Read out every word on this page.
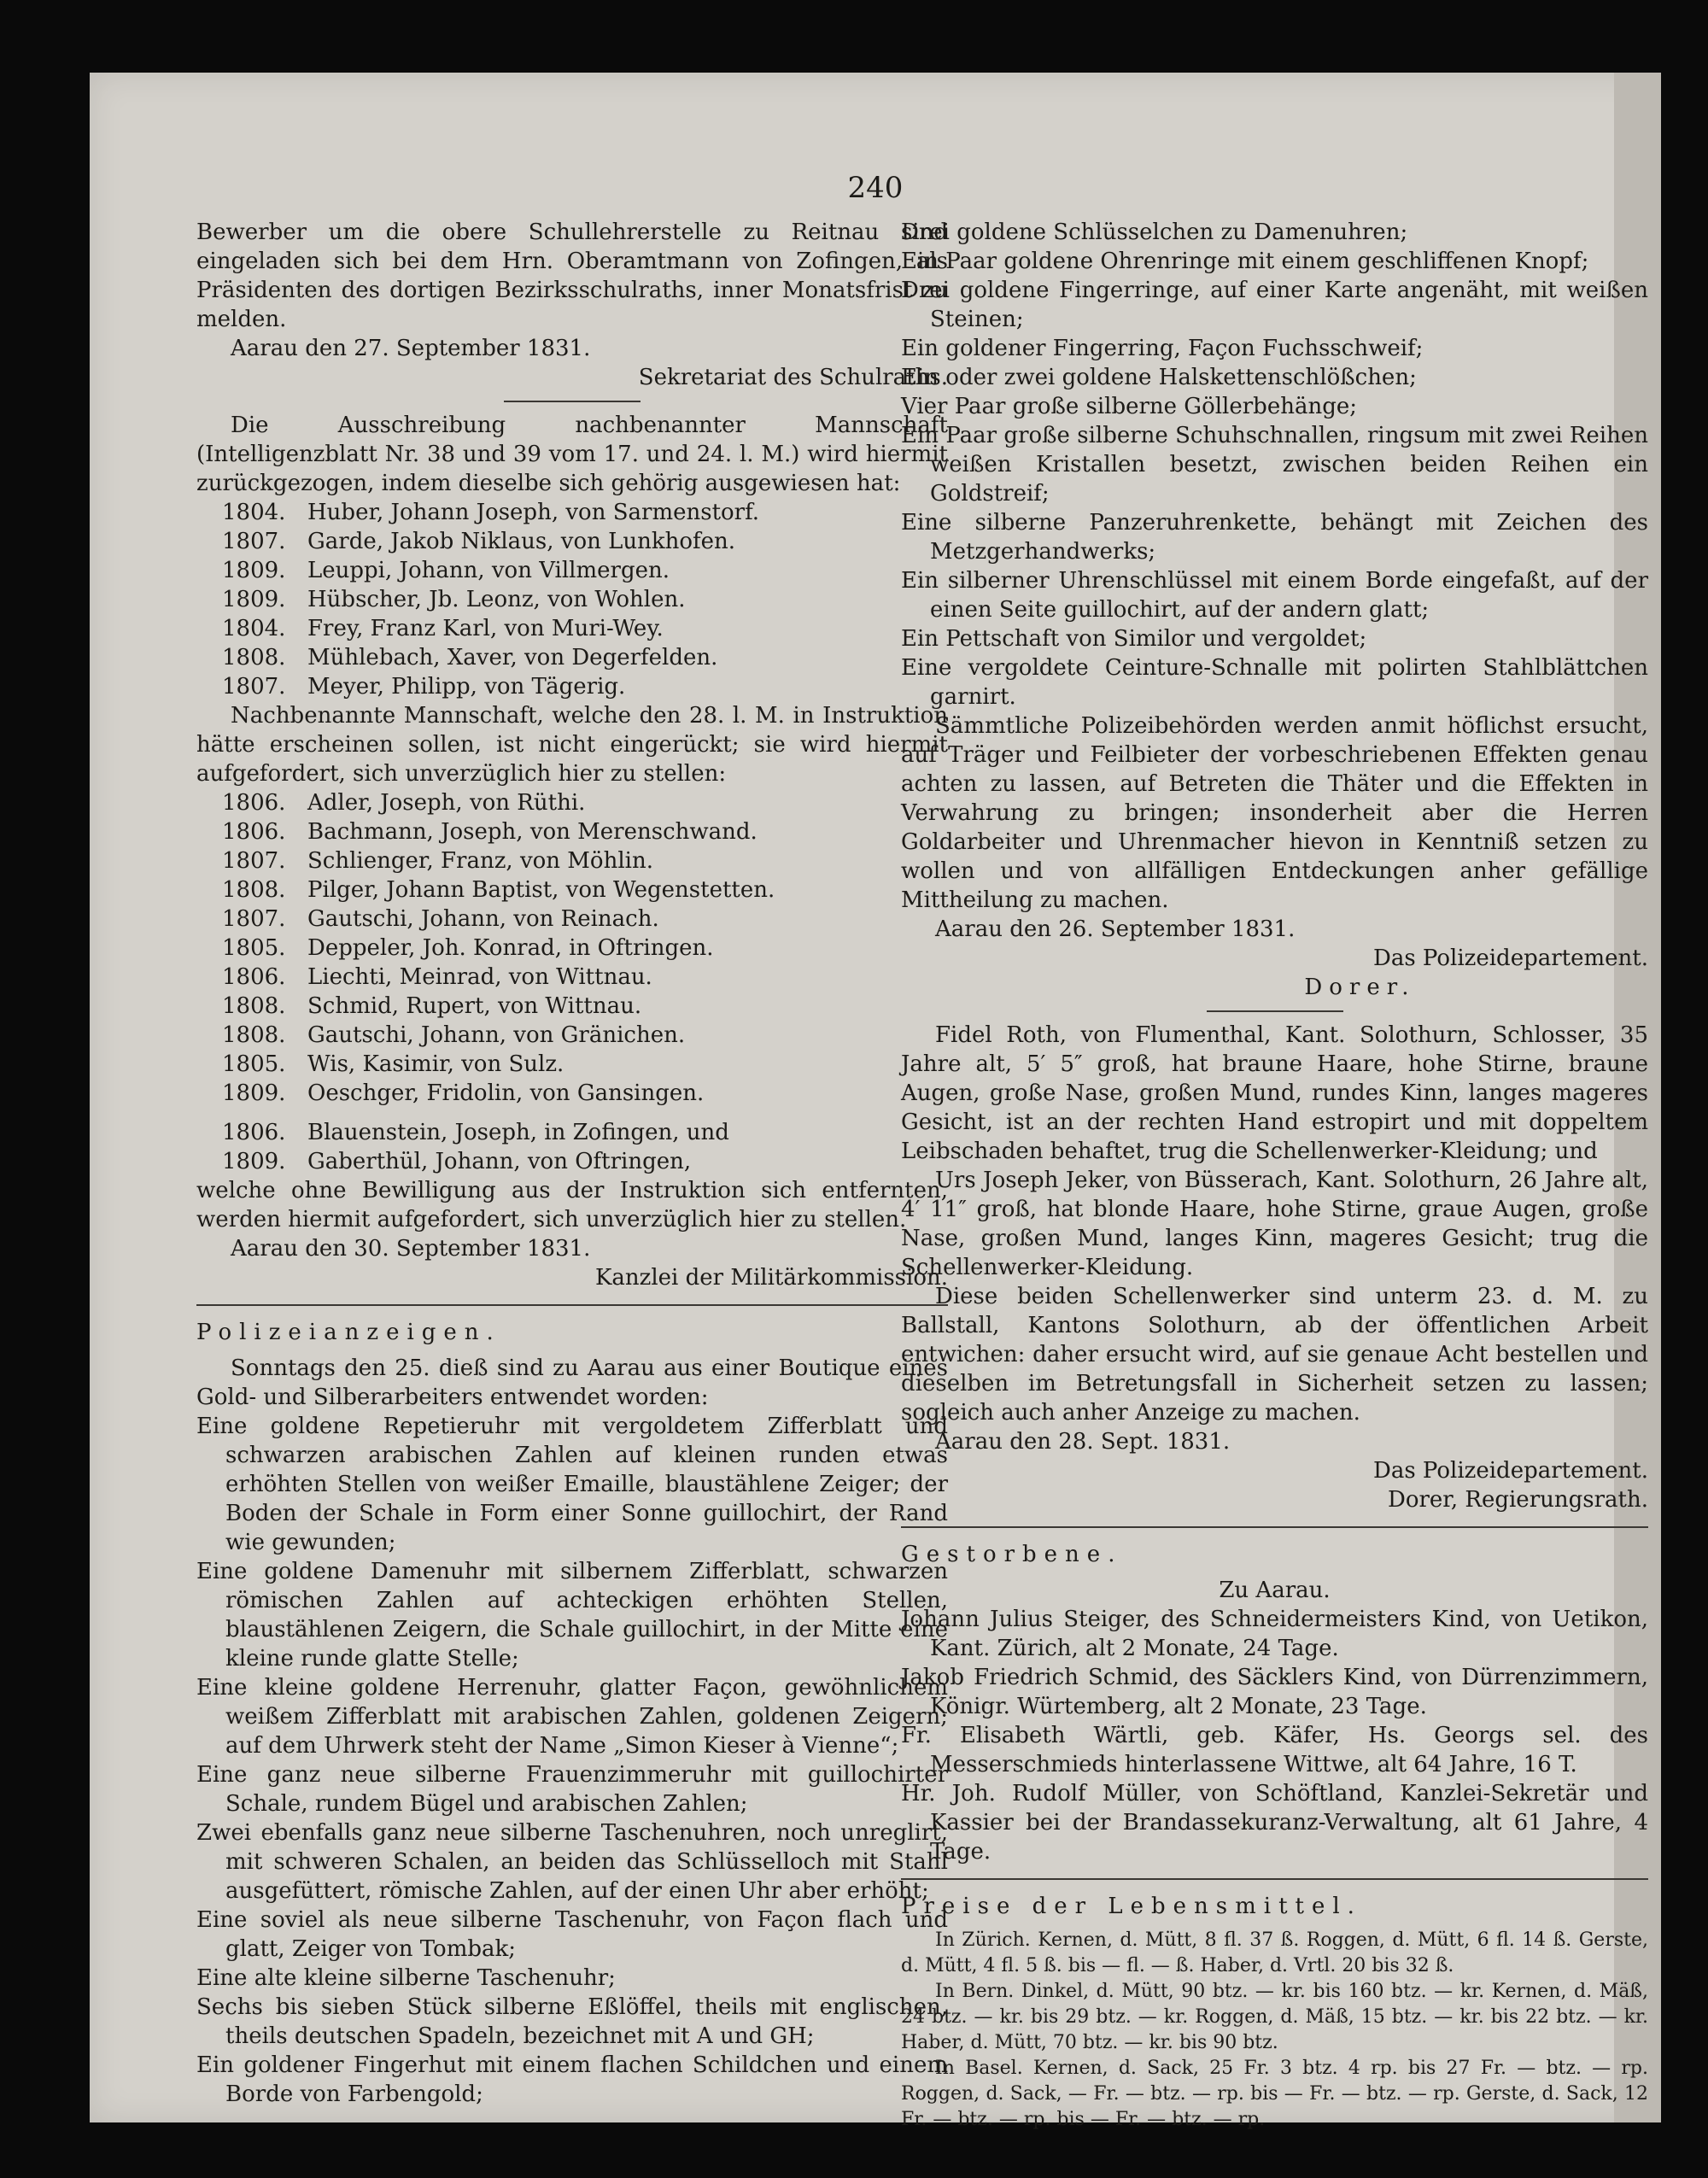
240

Bewerber um die obere Schullehrerstelle zu Reitnau sind eingeladen sich bei dem Hrn. Oberamtmann von Zofingen, als Präsidenten des dortigen Bezirksschulraths, inner Monatsfrist zu melden.

Aarau den 27. September 1831.

Sekretariat des Schulraths.

Die Ausschreibung nachbenannter Mannschaft (Intelligenzblatt Nr. 38 und 39 vom 17. und 24. l. M.) wird hiermit zurückgezogen, indem dieselbe sich gehörig ausgewiesen hat:

1804. Huber, Johann Joseph, von Sarmenstorf.
1807. Garde, Jakob Niklaus, von Lunkhofen.
1809. Leuppi, Johann, von Villmergen.
1809. Hübscher, Jb. Leonz, von Wohlen.
1804. Frey, Franz Karl, von Muri-Wey.
1808. Mühlebach, Xaver, von Degerfelden.
1807. Meyer, Philipp, von Tägerig.

Nachbenannte Mannschaft, welche den 28. l. M. in Instruktion hätte erscheinen sollen, ist nicht eingerückt; sie wird hiermit aufgefordert, sich unverzüglich hier zu stellen:

1806. Adler, Joseph, von Rüthi.
1806. Bachmann, Joseph, von Merenschwand.
1807. Schlienger, Franz, von Möhlin.
1808. Pilger, Johann Baptist, von Wegenstetten.
1807. Gautschi, Johann, von Reinach.
1805. Deppeler, Joh. Konrad, in Oftringen.
1806. Liechti, Meinrad, von Wittnau.
1808. Schmid, Rupert, von Wittnau.
1808. Gautschi, Johann, von Gränichen.
1805. Wis, Kasimir, von Sulz.
1809. Oeschger, Fridolin, von Gansingen.
1806. Blauenstein, Joseph, in Zofingen, und
1809. Gaberthül, Johann, von Oftringen,

welche ohne Bewilligung aus der Instruktion sich entfernten, werden hiermit aufgefordert, sich unverzüglich hier zu stellen.

Aarau den 30. September 1831.

Kanzlei der Militärkommission.

Polizeianzeigen.

Sonntags den 25. dieß sind zu Aarau aus einer Boutique eines Gold- und Silberarbeiters entwendet worden:

Eine goldene Repetieruhr mit vergoldetem Zifferblatt und schwarzen arabischen Zahlen auf kleinen runden etwas erhöhten Stellen von weißer Emaille, blaustählene Zeiger; der Boden der Schale in Form einer Sonne guillochirt, der Rand wie gewunden;

Eine goldene Damenuhr mit silbernem Zifferblatt, schwarzen römischen Zahlen auf achteckigen erhöhten Stellen, blaustählenen Zeigern, die Schale guillochirt, in der Mitte eine kleine runde glatte Stelle;

Eine kleine goldene Herrenuhr, glatter Façon, gewöhnlichem weißem Zifferblatt mit arabischen Zahlen, goldenen Zeigern; auf dem Uhrwerk steht der Name „Simon Kieser à Vienne“;

Eine ganz neue silberne Frauenzimmeruhr mit guillochirter Schale, rundem Bügel und arabischen Zahlen;

Zwei ebenfalls ganz neue silberne Taschenuhren, noch unreglirt, mit schweren Schalen, an beiden das Schlüsselloch mit Stahl ausgefüttert, römische Zahlen, auf der einen Uhr aber erhöht;

Eine soviel als neue silberne Taschenuhr, von Façon flach und glatt, Zeiger von Tombak;

Eine alte kleine silberne Taschenuhr;

Sechs bis sieben Stück silberne Eßlöffel, theils mit englischen, theils deutschen Spadeln, bezeichnet mit A und GH;

Ein goldener Fingerhut mit einem flachen Schildchen und einem Borde von Farbengold;

Drei goldene Schlüsselchen zu Damenuhren;

Ein Paar goldene Ohrenringe mit einem geschliffenen Knopf;

Drei goldene Fingerringe, auf einer Karte angenäht, mit weißen Steinen;

Ein goldener Fingerring, Façon Fuchsschweif;

Ein oder zwei goldene Halskettenschlößchen;

Vier Paar große silberne Göllerbehänge;

Ein Paar große silberne Schuhschnallen, ringsum mit zwei Reihen weißen Kristallen besetzt, zwischen beiden Reihen ein Goldstreif;

Eine silberne Panzeruhrenkette, behängt mit Zeichen des Metzgerhandwerks;

Ein silberner Uhrenschlüssel mit einem Borde eingefaßt, auf der einen Seite guillochirt, auf der andern glatt;

Ein Pettschaft von Similor und vergoldet;

Eine vergoldete Ceinture-Schnalle mit polirten Stahlblättchen garnirt.

Sämmtliche Polizeibehörden werden anmit höflichst ersucht, auf Träger und Feilbieter der vorbeschriebenen Effekten genau achten zu lassen, auf Betreten die Thäter und die Effekten in Verwahrung zu bringen; insonderheit aber die Herren Goldarbeiter und Uhrenmacher hievon in Kenntniß setzen zu wollen und von allfälligen Entdeckungen anher gefällige Mittheilung zu machen.

Aarau den 26. September 1831.

Das Polizeidepartement.

Dorer.

Fidel Roth, von Flumenthal, Kant. Solothurn, Schlosser, 35 Jahre alt, 5′ 5″ groß, hat braune Haare, hohe Stirne, braune Augen, große Nase, großen Mund, rundes Kinn, langes mageres Gesicht, ist an der rechten Hand estropirt und mit doppeltem Leibschaden behaftet, trug die Schellenwerker-Kleidung; und

Urs Joseph Jeker, von Büsserach, Kant. Solothurn, 26 Jahre alt, 4′ 11″ groß, hat blonde Haare, hohe Stirne, graue Augen, große Nase, großen Mund, langes Kinn, mageres Gesicht; trug die Schellenwerker-Kleidung.

Diese beiden Schellenwerker sind unterm 23. d. M. zu Ballstall, Kantons Solothurn, ab der öffentlichen Arbeit entwichen: daher ersucht wird, auf sie genaue Acht bestellen und dieselben im Betretungsfall in Sicherheit setzen zu lassen; sogleich auch anher Anzeige zu machen.

Aarau den 28. Sept. 1831.

Das Polizeidepartement.

Dorer, Regierungsrath.

Gestorbene.

Zu Aarau.

Johann Julius Steiger, des Schneidermeisters Kind, von Uetikon, Kant. Zürich, alt 2 Monate, 24 Tage.

Jakob Friedrich Schmid, des Säcklers Kind, von Dürrenzimmern, Königr. Würtemberg, alt 2 Monate, 23 Tage.

Fr. Elisabeth Wärtli, geb. Käfer, Hs. Georgs sel. des Messerschmieds hinterlassene Wittwe, alt 64 Jahre, 16 T.

Hr. Joh. Rudolf Müller, von Schöftland, Kanzlei-Sekretär und Kassier bei der Brandassekuranz-Verwaltung, alt 61 Jahre, 4 Tage.

Preise der Lebensmittel.

In Zürich. Kernen, d. Mütt, 8 fl. 37 ß. Roggen, d. Mütt, 6 fl. 14 ß. Gerste, d. Mütt, 4 fl. 5 ß. bis — fl. — ß. Haber, d. Vrtl. 20 bis 32 ß.

In Bern. Dinkel, d. Mütt, 90 btz. — kr. bis 160 btz. — kr. Kernen, d. Mäß, 24 btz. — kr. bis 29 btz. — kr. Roggen, d. Mäß, 15 btz. — kr. bis 22 btz. — kr. Haber, d. Mütt, 70 btz. — kr. bis 90 btz.

In Basel. Kernen, d. Sack, 25 Fr. 3 btz. 4 rp. bis 27 Fr. — btz. — rp. Roggen, d. Sack, — Fr. — btz. — rp. bis — Fr. — btz. — rp. Gerste, d. Sack, 12 Fr. — btz. — rp. bis — Fr. — btz. — rp.
